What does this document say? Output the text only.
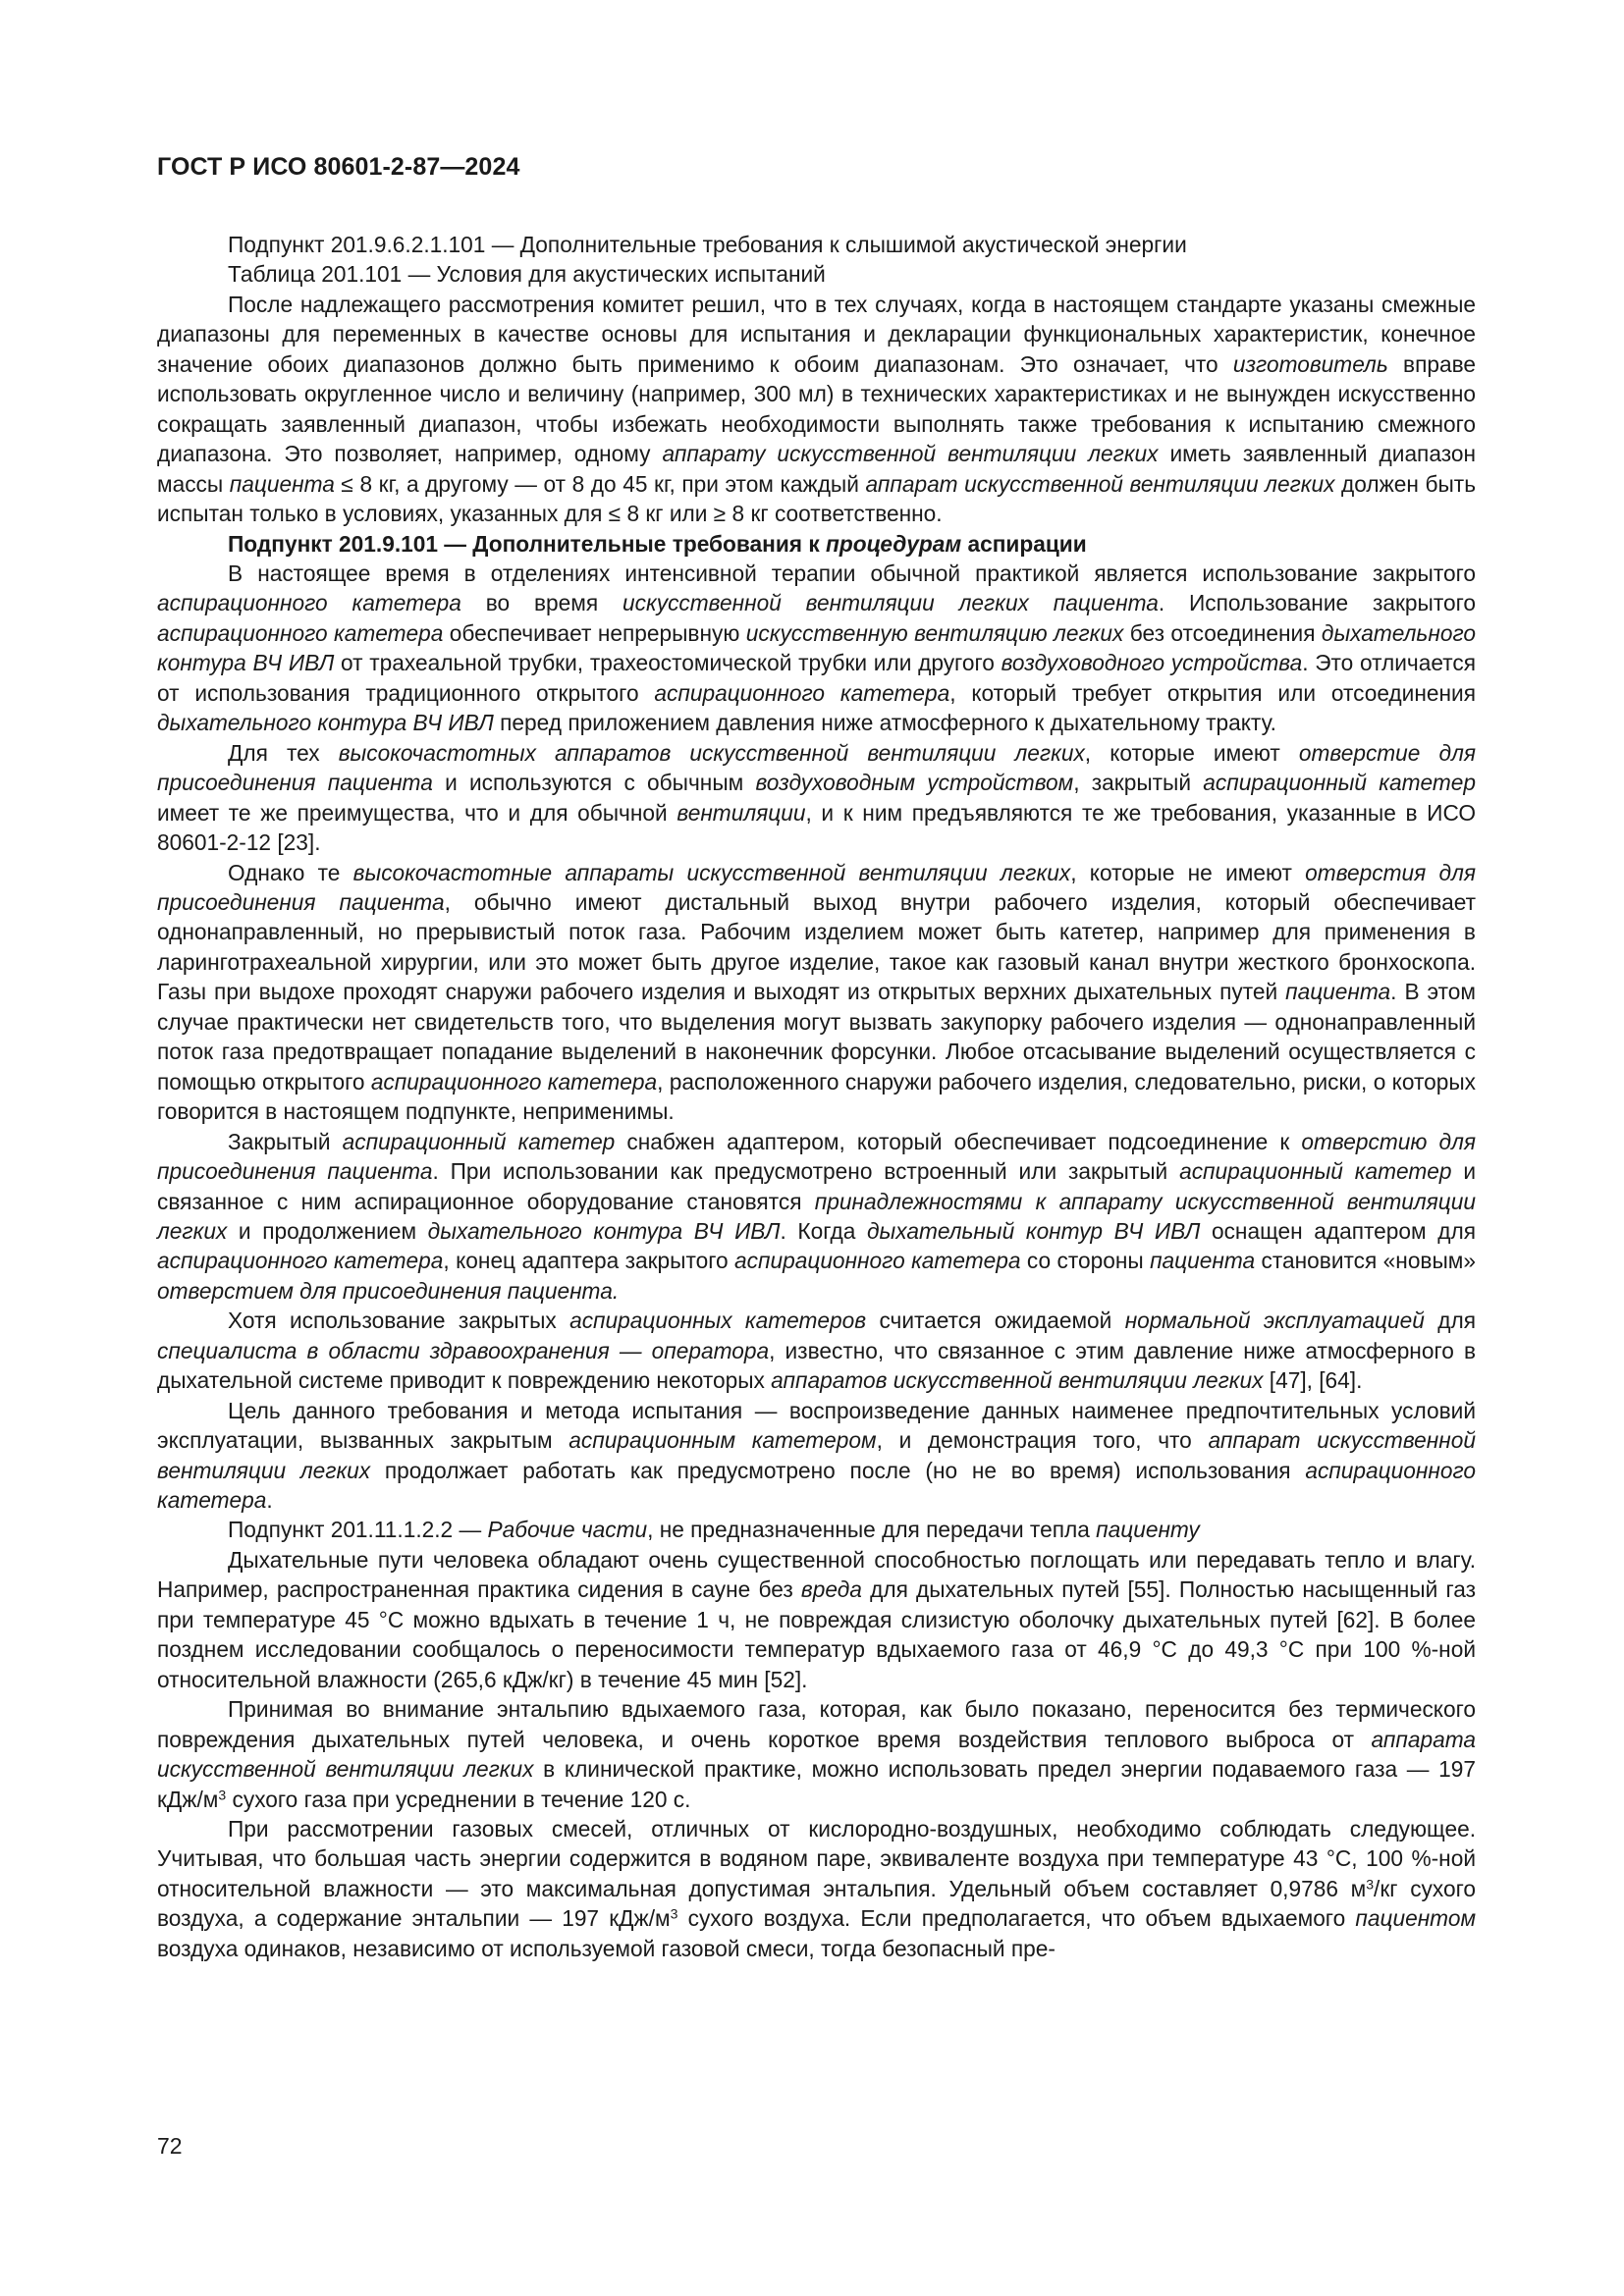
ГОСТ Р ИСО 80601-2-87—2024

Подпункт 201.9.6.2.1.101 — Дополнительные требования к слышимой акустической энергии

Таблица 201.101 — Условия для акустических испытаний

После надлежащего рассмотрения комитет решил, что в тех случаях, когда в настоящем стандарте указаны смежные диапазоны для переменных в качестве основы для испытания и декларации функциональных характеристик, конечное значение обоих диапазонов должно быть применимо к обоим диапазонам. Это означает, что изготовитель вправе использовать округленное число и величину (например, 300 мл) в технических характеристиках и не вынужден искусственно сокращать заявленный диапазон, чтобы избежать необходимости выполнять также требования к испытанию смежного диапазона. Это позволяет, например, одному аппарату искусственной вентиляции легких иметь заявленный диапазон массы пациента ≤ 8 кг, а другому — от 8 до 45 кг, при этом каждый аппарат искусственной вентиляции легких должен быть испытан только в условиях, указанных для ≤ 8 кг или ≥ 8 кг соответственно.

Подпункт 201.9.101 — Дополнительные требования к процедурам аспирации

В настоящее время в отделениях интенсивной терапии обычной практикой является использование закрытого аспирационного катетера во время искусственной вентиляции легких пациента. Использование закрытого аспирационного катетера обеспечивает непрерывную искусственную вентиляцию легких без отсоединения дыхательного контура ВЧ ИВЛ от трахеальной трубки, трахеостомической трубки или другого воздуховодного устройства. Это отличается от использования традиционного открытого аспирационного катетера, который требует открытия или отсоединения дыхательного контура ВЧ ИВЛ перед приложением давления ниже атмосферного к дыхательному тракту.

Для тех высокочастотных аппаратов искусственной вентиляции легких, которые имеют отверстие для присоединения пациента и используются с обычным воздуховодным устройством, закрытый аспирационный катетер имеет те же преимущества, что и для обычной вентиляции, и к ним предъявляются те же требования, указанные в ИСО 80601-2-12 [23].

Однако те высокочастотные аппараты искусственной вентиляции легких, которые не имеют отверстия для присоединения пациента, обычно имеют дистальный выход внутри рабочего изделия, который обеспечивает однонаправленный, но прерывистый поток газа. Рабочим изделием может быть катетер, например для применения в ларинготрахеальной хирургии, или это может быть другое изделие, такое как газовый канал внутри жесткого бронхоскопа. Газы при выдохе проходят снаружи рабочего изделия и выходят из открытых верхних дыхательных путей пациента. В этом случае практически нет свидетельств того, что выделения могут вызвать закупорку рабочего изделия — однонаправленный поток газа предотвращает попадание выделений в наконечник форсунки. Любое отсасывание выделений осуществляется с помощью открытого аспирационного катетера, расположенного снаружи рабочего изделия, следовательно, риски, о которых говорится в настоящем подпункте, неприменимы.

Закрытый аспирационный катетер снабжен адаптером, который обеспечивает подсоединение к отверстию для присоединения пациента. При использовании как предусмотрено встроенный или закрытый аспирационный катетер и связанное с ним аспирационное оборудование становятся принадлежностями к аппарату искусственной вентиляции легких и продолжением дыхательного контура ВЧ ИВЛ. Когда дыхательный контур ВЧ ИВЛ оснащен адаптером для аспирационного катетера, конец адаптера закрытого аспирационного катетера со стороны пациента становится «новым» отверстием для присоединения пациента.

Хотя использование закрытых аспирационных катетеров считается ожидаемой нормальной эксплуатацией для специалиста в области здравоохранения — оператора, известно, что связанное с этим давление ниже атмосферного в дыхательной системе приводит к повреждению некоторых аппаратов искусственной вентиляции легких [47], [64].

Цель данного требования и метода испытания — воспроизведение данных наименее предпочтительных условий эксплуатации, вызванных закрытым аспирационным катетером, и демонстрация того, что аппарат искусственной вентиляции легких продолжает работать как предусмотрено после (но не во время) использования аспирационного катетера.

Подпункт 201.11.1.2.2 — Рабочие части, не предназначенные для передачи тепла пациенту

Дыхательные пути человека обладают очень существенной способностью поглощать или передавать тепло и влагу. Например, распространенная практика сидения в сауне без вреда для дыхательных путей [55]. Полностью насыщенный газ при температуре 45 °С можно вдыхать в течение 1 ч, не повреждая слизистую оболочку дыхательных путей [62]. В более позднем исследовании сообщалось о переносимости температур вдыхаемого газа от 46,9 °С до 49,3 °С при 100 %-ной относительной влажности (265,6 кДж/кг) в течение 45 мин [52].

Принимая во внимание энтальпию вдыхаемого газа, которая, как было показано, переносится без термического повреждения дыхательных путей человека, и очень короткое время воздействия теплового выброса от аппарата искусственной вентиляции легких в клинической практике, можно использовать предел энергии подаваемого газа — 197 кДж/$м^3$ сухого газа при усреднении в течение 120 с.

При рассмотрении газовых смесей, отличных от кислородно-воздушных, необходимо соблюдать следующее. Учитывая, что большая часть энергии содержится в водяном паре, эквиваленте воздуха при температуре 43 °С, 100 %-ной относительной влажности — это максимальная допустимая энтальпия. Удельный объем составляет 0,9786 $м^3/кг$ сухого воздуха, а содержание энтальпии — 197 кДж/$м^3$ сухого воздуха. Если предполагается, что объем вдыхаемого пациентом воздуха одинаков, независимо от используемой газовой смеси, тогда безопасный пре-

72
